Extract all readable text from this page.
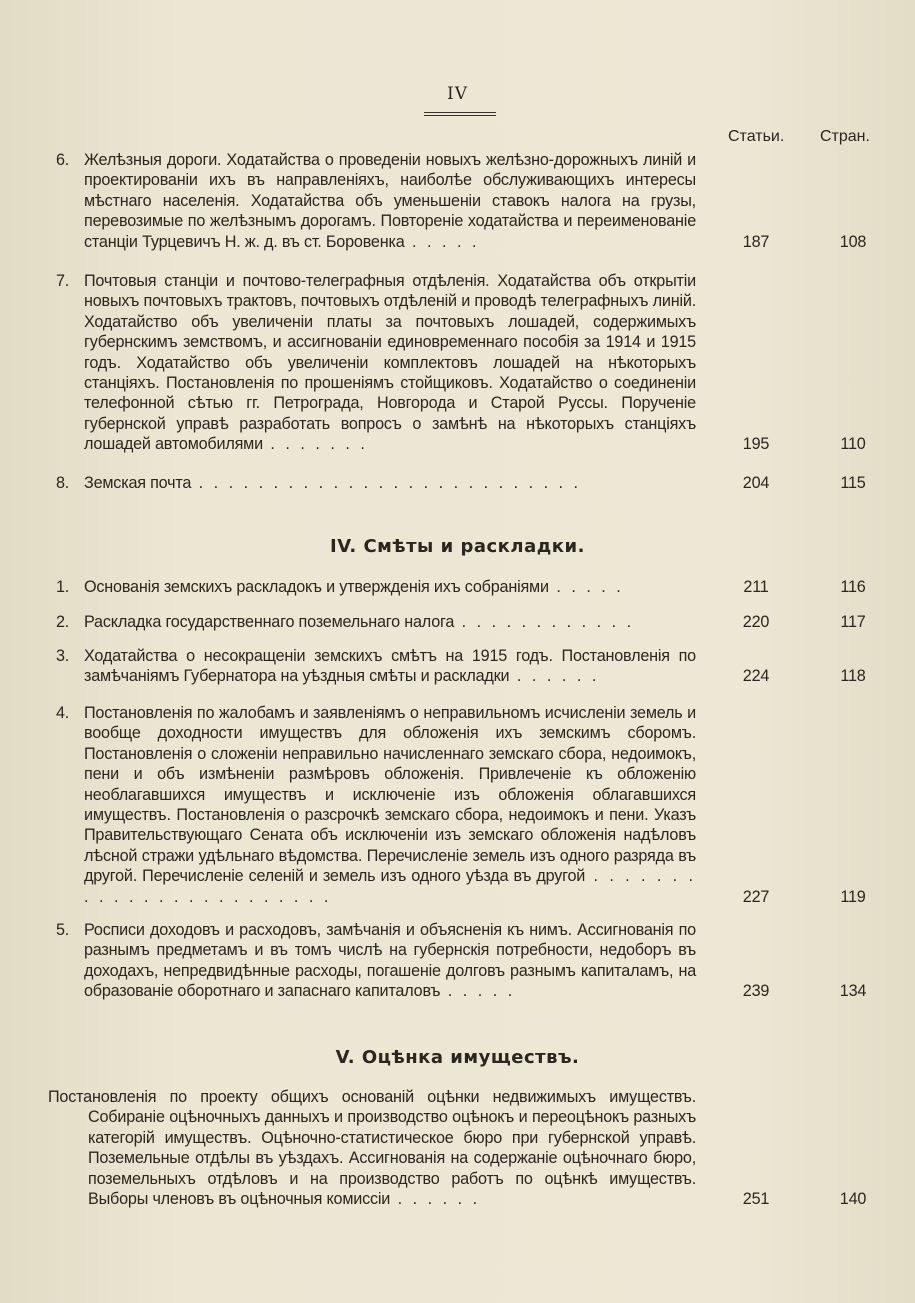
IV
Статьи. Стран.
6. Желѣзныя дороги. Ходатайства о проведеніи новыхъ желѣзно-дорожныхъ линій и проектированіи ихъ въ направленіяхъ, наиболѣе обслуживающихъ интересы мѣстнаго населенія. Ходатайства объ уменьшеніи ставокъ налога на грузы, перевозимые по желѣзнымъ дорогамъ. Повтореніе ходатайства и переименованіе станціи Турцевичъ Н. ж. д. въ ст. Боровенка . . . . .	187	108
7. Почтовыя станціи и почтово-телеграфныя отдѣленія. Ходатайства объ открытіи новыхъ почтовыхъ трактовъ, почтовыхъ отдѣленій и проводѣ телеграфныхъ линій. Ходатайство объ увеличеніи платы за почтовыхъ лошадей, содержимыхъ губернскимъ земствомъ, и ассигнованіи единовременнаго пособія за 1914 и 1915 годъ. Ходатайство объ увеличеніи комплектовъ лошадей на нѣкоторыхъ станціяхъ. Постановленія по прошеніямъ стойщиковъ. Ходатайство о соединеніи телефонной сѣтью гг. Петрограда, Новгорода и Старой Руссы. Порученіе губернской управѣ разработать вопросъ о замѣнѣ на нѣкоторыхъ станціяхъ лошадей автомобилями . . . . . . .	195	110
8. Земская почта . . . . . . . . . . . . . . . . . . . . . . . . . .	204	115
IV. Смѣты и раскладки.
1. Основанія земскихъ раскладокъ и утвержденія ихъ собраніями . . . . .	211	116
2. Раскладка государственнаго поземельнаго налога . . . . . . . . . . . .	220	117
3. Ходатайства о несокращеніи земскихъ смѣтъ на 1915 годъ. Постановленія по замѣчаніямъ Губернатора на уѣздныя смѣты и раскладки . . . . . .	224	118
4. Постановленія по жалобамъ и заявленіямъ о неправильномъ исчисленіи земель и вообще доходности имуществъ для обложенія ихъ земскимъ сборомъ. Постановленія о сложеніи неправильно начисленнаго земскаго сбора, недоимокъ, пени и объ измѣненіи размѣровъ обложенія. Привлеченіе къ обложенію необлагавшихся имуществъ и исключеніе изъ обложенія облагавшихся имуществъ. Постановленія о разсрочкѣ земскаго сбора, недоимокъ и пени. Указъ Правительствующаго Сената объ исключеніи изъ земскаго обложенія надѣловъ лѣсной стражи удѣльнаго вѣдомства. Перечисленіе земель изъ одного разряда въ другой. Перечисленіе селеній и земель изъ одного уѣзда въ другой . . . . . . . . . . . . . . . . . . . . . . . .	227	119
5. Росписи доходовъ и расходовъ, замѣчанія и объясненія къ нимъ. Ассигнованія по разнымъ предметамъ и въ томъ числѣ на губернскія потребности, недоборъ въ доходахъ, непредвидѣнные расходы, погашеніе долговъ разнымъ капиталамъ, на образованіе оборотнаго и запаснаго капиталовъ . . . . .	239	134
V. Оцѣнка имуществъ.
Постановленія по проекту общихъ основаній оцѣнки недвижимыхъ имуществъ. Собираніе оцѣночныхъ данныхъ и производство оцѣнокъ и переоцѣнокъ разныхъ категорій имуществъ. Оцѣночно-статистическое бюро при губернской управѣ. Поземельные отдѣлы въ уѣздахъ. Ассигнованія на содержаніе оцѣночнаго бюро, поземельныхъ отдѣловъ и на производство работъ по оцѣнкѣ имуществъ. Выборы членовъ въ оцѣночныя комиссіи . . . . . .	251	140
